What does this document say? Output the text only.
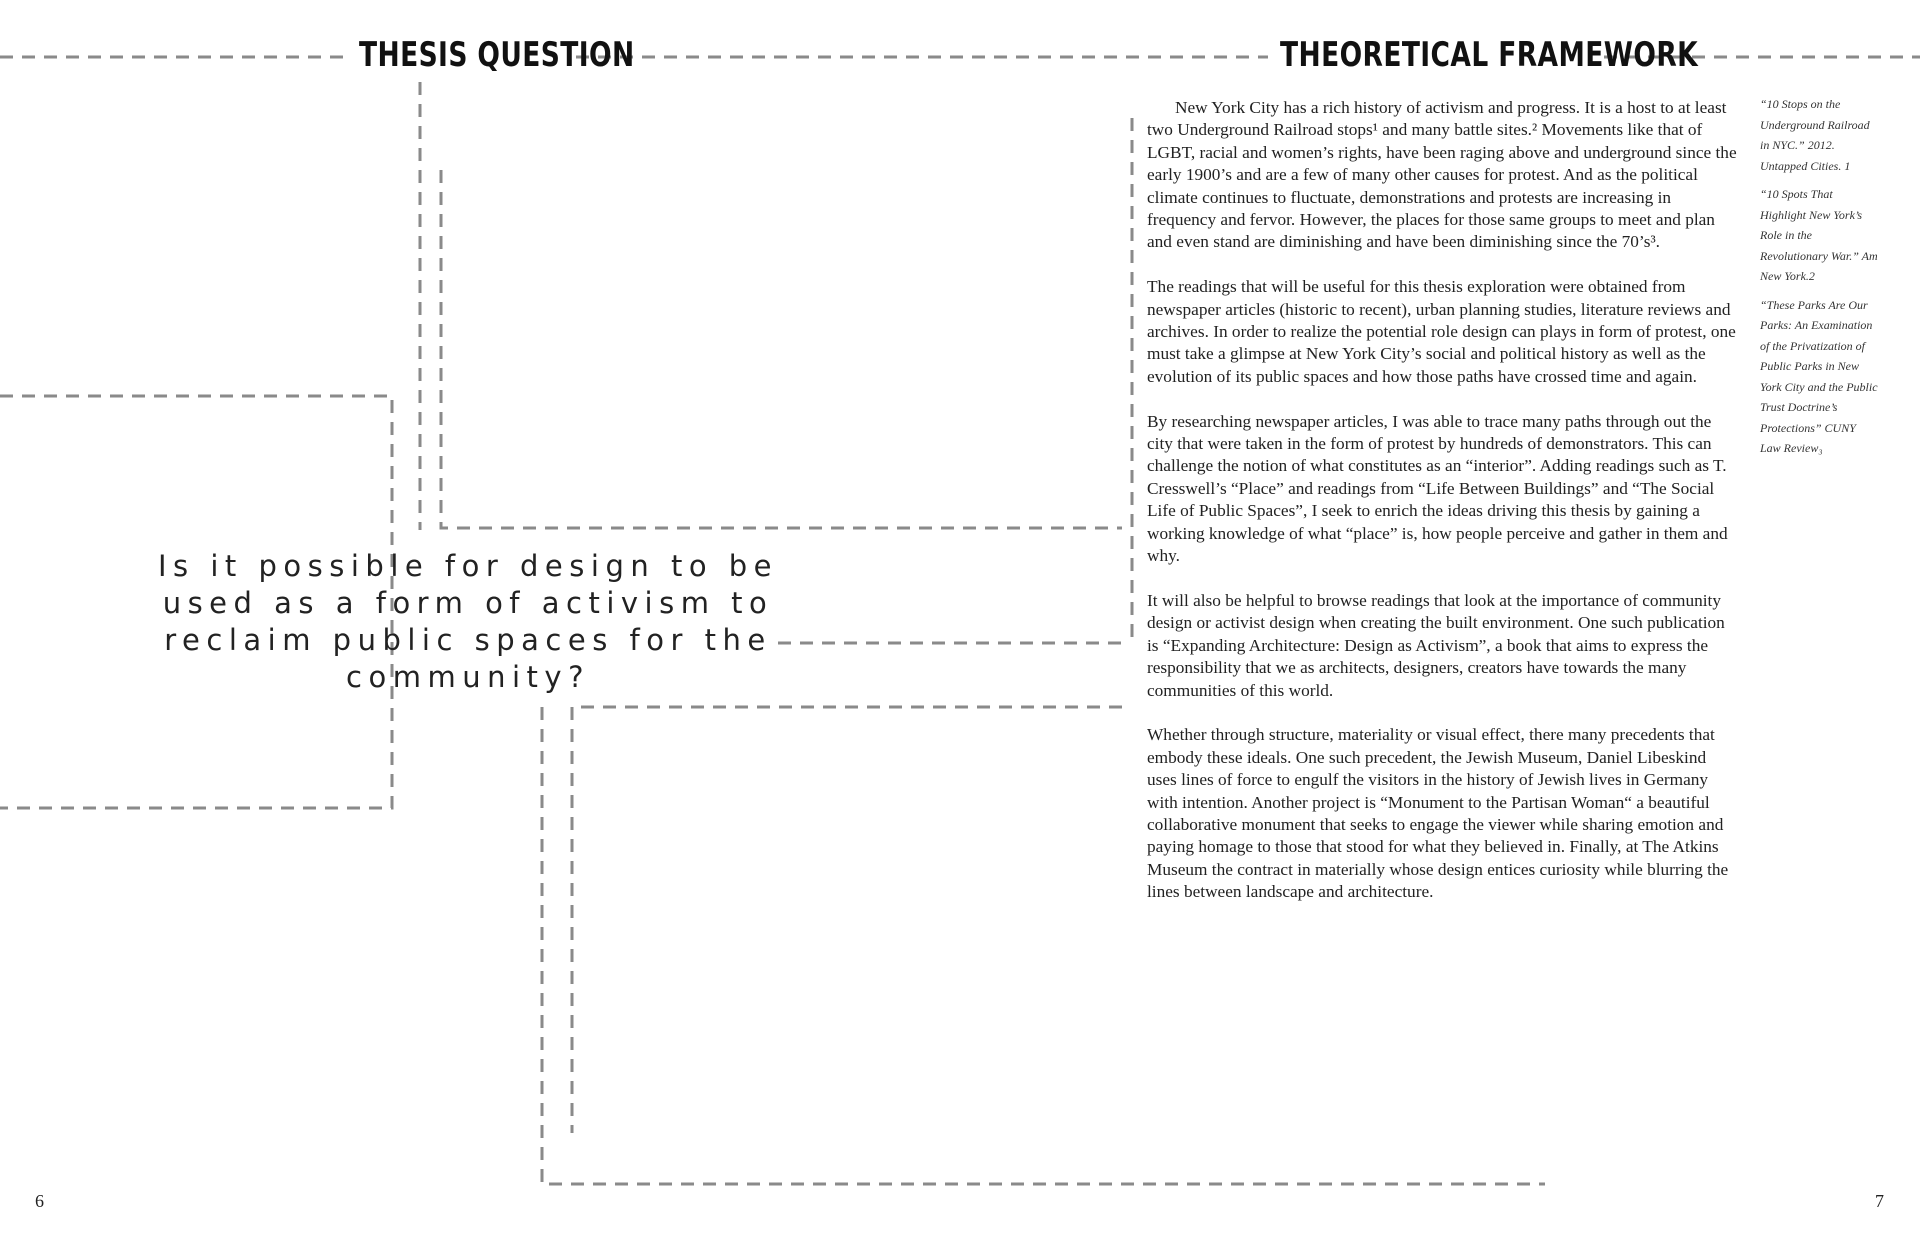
THESIS QUESTION	THEORETICAL FRAMEWORK
Is it possible for design to be used as a form of activism to reclaim public spaces for the community?

New York City has a rich history of activism and progress. It is a host to at least two Underground Railroad stops¹ and many battle sites.² Movements like that of LGBT, racial and women’s rights, have been raging above and underground since the early 1900’s and are a few of many other causes for protest. And as the political climate continues to fluctuate, demonstrations and protests are increasing in frequency and fervor. However, the places for those same groups to meet and plan and even stand are diminishing and have been diminishing since the 70’s³.

The readings that will be useful for this thesis exploration were obtained from newspaper articles (historic to recent), urban planning studies, literature reviews and archives. In order to realize the potential role design can plays in form of protest, one must take a glimpse at New York City’s social and political history as well as the evolution of its public spaces and how those paths have crossed time and again.

By researching newspaper articles, I was able to trace many paths through out the city that were taken in the form of protest by hundreds of demonstrators. This can challenge the notion of what constitutes as an “interior”. Adding readings such as T. Cresswell’s “Place” and readings from “Life Between Buildings” and “The Social Life of Public Spaces”, I seek to enrich the ideas driving this thesis by gaining a working knowledge of what “place” is, how people perceive and gather in them and why.

It will also be helpful to browse readings that look at the importance of community design or activist design when creating the built environment. One such publication is “Expanding Architecture: Design as Activism”, a book that aims to express the responsibility that we as architects, designers, creators have towards the many communities of this world.

Whether through structure, materiality or visual effect, there many precedents that embody these ideals. One such precedent, the Jewish Museum, Daniel Libeskind uses lines of force to engulf the visitors in the history of Jewish lives in Germany with intention. Another project is “Monument to the Partisan Woman“ a beautiful collaborative monument that seeks to engage the viewer while sharing emotion and paying homage to those that stood for what they believed in. Finally, at The Atkins Museum the contract in materially whose design entices curiosity while blurring the lines between landscape and architecture.

“10 Stops on the Underground Railroad in NYC.” 2012. Untapped Cities. 1

“10 Spots That Highlight New York’s Role in the Revolutionary War.” Am New York.2

“These Parks Are Our Parks: An Examination of the Privatization of Public Parks in New York City and the Public Trust Doctrine’s Protections” CUNY Law Review₃

6	7
